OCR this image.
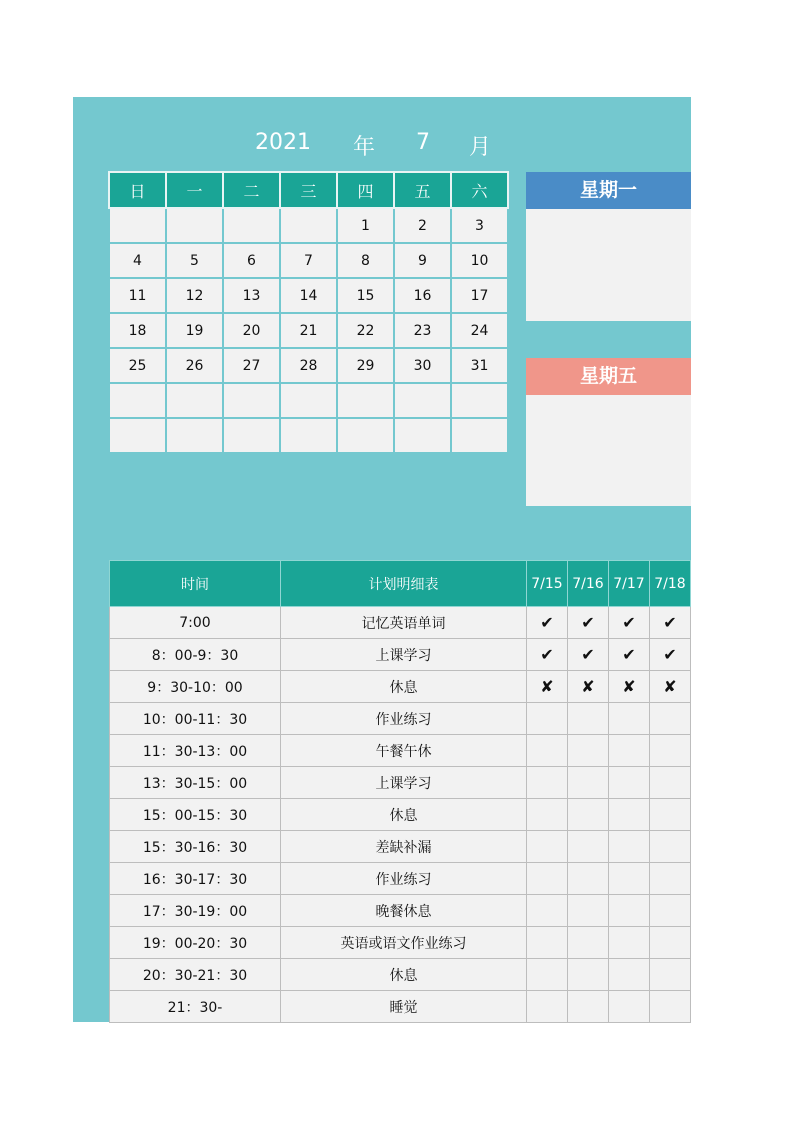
2021 年 7 月
日	一	二	三	四	五	六
				1	2	3
4	5	6	7	8	9	10
11	12	13	14	15	16	17
18	19	20	21	22	23	24
25	26	27	28	29	30	31

星期一
星期五
时间	计划明细表	7/15	7/16	7/17	7/18
7:00	记忆英语单词	✔	✔	✔	✔
8：00-9：30	上课学习	✔	✔	✔	✔
9：30-10：00	休息	✘	✘	✘	✘
10：00-11：30	作业练习				
11：30-13：00	午餐午休				
13：30-15：00	上课学习				
15：00-15：30	休息				
15：30-16：30	差缺补漏				
16：30-17：30	作业练习				
17：30-19：00	晚餐休息				
19：00-20：30	英语或语文作业练习				
20：30-21：30	休息				
21：30-	睡觉				
